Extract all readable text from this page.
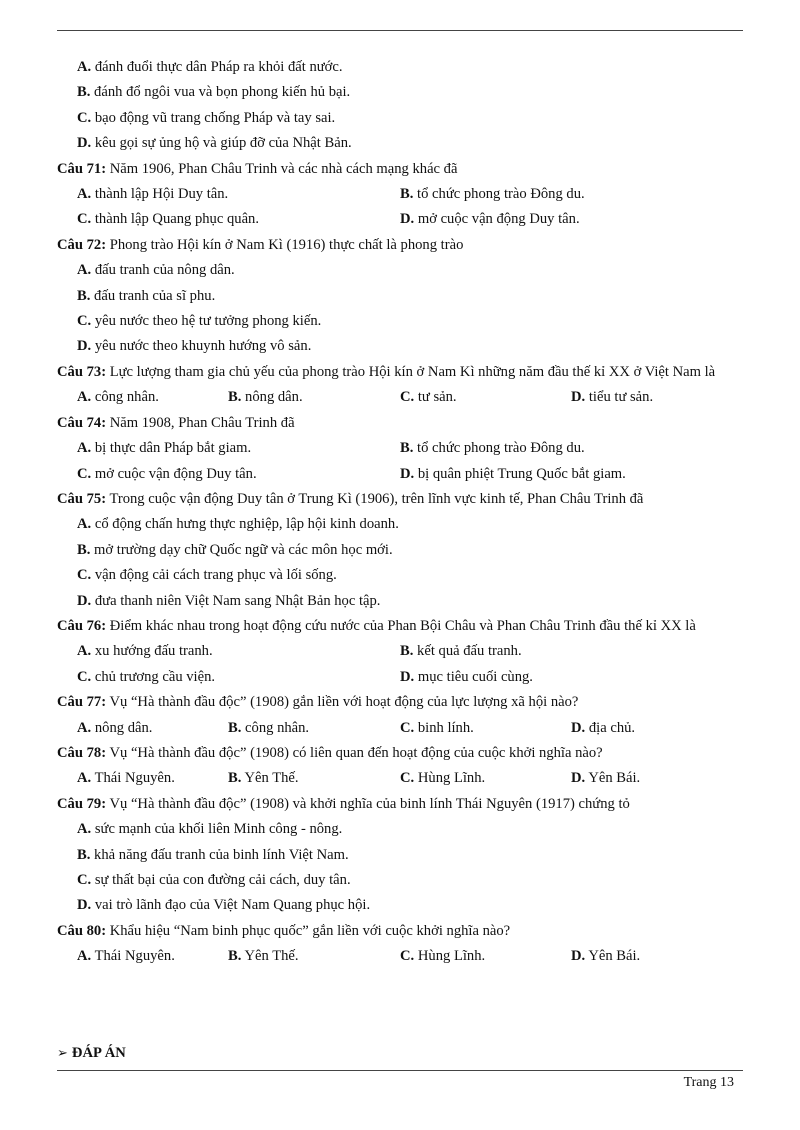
A. đánh đuổi thực dân Pháp ra khỏi đất nước.
B. đánh đổ ngôi vua và bọn phong kiến hủ bại.
C. bạo động vũ trang chống Pháp và tay sai.
D. kêu gọi sự ủng hộ và giúp đỡ của Nhật Bản.
Câu 71: Năm 1906, Phan Châu Trinh và các nhà cách mạng khác đã
A. thành lập Hội Duy tân.	B. tổ chức phong trào Đông du.
C. thành lập Quang phục quân.	D. mở cuộc vận động Duy tân.
Câu 72: Phong trào Hội kín ở Nam Kì (1916) thực chất là phong trào
A. đấu tranh của nông dân.
B. đấu tranh của sĩ phu.
C. yêu nước theo hệ tư tưởng phong kiến.
D. yêu nước theo khuynh hướng vô sản.
Câu 73: Lực lượng tham gia chủ yếu của phong trào Hội kín ở Nam Kì những năm đầu thế kỉ XX ở Việt Nam là
A. công nhân.	B. nông dân.	C. tư sản.	D. tiểu tư sản.
Câu 74: Năm 1908, Phan Châu Trinh đã
A. bị thực dân Pháp bắt giam.	B. tổ chức phong trào Đông du.
C. mở cuộc vận động Duy tân.	D. bị quân phiệt Trung Quốc bắt giam.
Câu 75: Trong cuộc vận động Duy tân ở Trung Kì (1906), trên lĩnh vực kinh tế, Phan Châu Trinh đã
A. cổ động chấn hưng thực nghiệp, lập hội kinh doanh.
B. mở trường dạy chữ Quốc ngữ và các môn học mới.
C. vận động cải cách trang phục và lối sống.
D. đưa thanh niên Việt Nam sang Nhật Bản học tập.
Câu 76: Điểm khác nhau trong hoạt động cứu nước của Phan Bội Châu và Phan Châu Trinh đầu thế kỉ XX là
A. xu hướng đấu tranh.	B. kết quả đấu tranh.
C. chủ trương cầu viện.	D. mục tiêu cuối cùng.
Câu 77: Vụ “Hà thành đầu độc” (1908) gắn liền với hoạt động của lực lượng xã hội nào?
A. nông dân.	B. công nhân.	C. binh lính.	D. địa chủ.
Câu 78: Vụ “Hà thành đầu độc” (1908) có liên quan đến hoạt động của cuộc khởi nghĩa nào?
A. Thái Nguyên.	B. Yên Thế.	C. Hùng Lĩnh.	D. Yên Bái.
Câu 79: Vụ “Hà thành đầu độc” (1908) và khởi nghĩa của binh lính Thái Nguyên (1917) chứng tỏ
A. sức mạnh của khối liên Minh công - nông.
B. khả năng đấu tranh của binh lính Việt Nam.
C. sự thất bại của con đường cải cách, duy tân.
D. vai trò lãnh đạo của Việt Nam Quang phục hội.
Câu 80: Khẩu hiệu “Nam binh phục quốc” gắn liền với cuộc khởi nghĩa nào?
A. Thái Nguyên.	B. Yên Thế.	C. Hùng Lĩnh.	D. Yên Bái.
➢ ĐÁP ÁN
Trang 13
